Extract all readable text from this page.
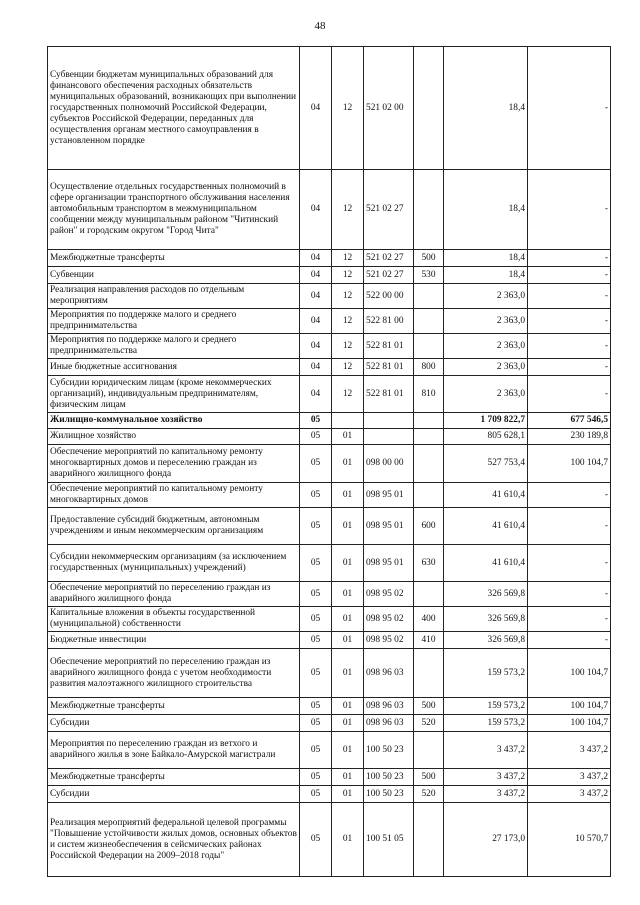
48
Субвенции бюджетам муниципальных образований для финансового обеспечения расходных обязательств муниципальных образований, возникающих при выполнении государственных полномочий Российской Федерации, субъектов Российской Федерации, переданных для осуществления органам местного самоуправления в установленном порядке	04	12	521 02 00		18,4	-
Осуществление отдельных государственных полномочий в сфере организации транспортного обслуживания населения автомобильным транспортом в межмуниципальном сообщении между муниципальным районом "Читинский район" и городским округом "Город Чита"	04	12	521 02 27		18,4	-
Межбюджетные трансферты	04	12	521 02 27	500	18,4	-
Субвенции	04	12	521 02 27	530	18,4	-
Реализация направления расходов по отдельным мероприятиям	04	12	522 00 00		2 363,0	-
Мероприятия по поддержке малого и среднего предпринимательства	04	12	522 81 00		2 363,0	-
Мероприятия по поддержке малого и среднего предпринимательства	04	12	522 81 01		2 363,0	-
Иные бюджетные ассигнования	04	12	522 81 01	800	2 363,0	-
Субсидии юридическим лицам (кроме некоммерческих организаций), индивидуальным предпринимателям, физическим лицам	04	12	522 81 01	810	2 363,0	-
Жилищно-коммунальное хозяйство	05				1 709 822,7	677 546,5
Жилищное хозяйство	05	01			805 628,1	230 189,8
Обеспечение мероприятий по капитальному ремонту многоквартирных домов и переселению граждан из аварийного жилищного фонда	05	01	098 00 00		527 753,4	100 104,7
Обеспечение мероприятий по капитальному ремонту многоквартирных домов	05	01	098 95 01		41 610,4	-
Предоставление субсидий бюджетным, автономным учреждениям и иным некоммерческим организациям	05	01	098 95 01	600	41 610,4	-
Субсидии некоммерческим организациям (за исключением государственных (муниципальных) учреждений)	05	01	098 95 01	630	41 610,4	-
Обеспечение мероприятий по переселению граждан из аварийного жилищного фонда	05	01	098 95 02		326 569,8	-
Капитальные вложения в объекты государственной (муниципальной) собственности	05	01	098 95 02	400	326 569,8	-
Бюджетные инвестиции	05	01	098 95 02	410	326 569,8	-
Обеспечение мероприятий по переселению граждан из аварийного жилищного фонда с учетом необходимости развития малоэтажного жилищного строительства	05	01	098 96 03		159 573,2	100 104,7
Межбюджетные трансферты	05	01	098 96 03	500	159 573,2	100 104,7
Субсидии	05	01	098 96 03	520	159 573,2	100 104,7
Мероприятия по переселению граждан из ветхого и аварийного жилья в зоне Байкало-Амурской магистрали	05	01	100 50 23		3 437,2	3 437,2
Межбюджетные трансферты	05	01	100 50 23	500	3 437,2	3 437,2
Субсидии	05	01	100 50 23	520	3 437,2	3 437,2
Реализация мероприятий федеральной целевой программы "Повышение устойчивости жилых домов, основных объектов и систем жизнеобеспечения в сейсмических районах Российской Федерации на 2009–2018 годы"	05	01	100 51 05		27 173,0	10 570,7
